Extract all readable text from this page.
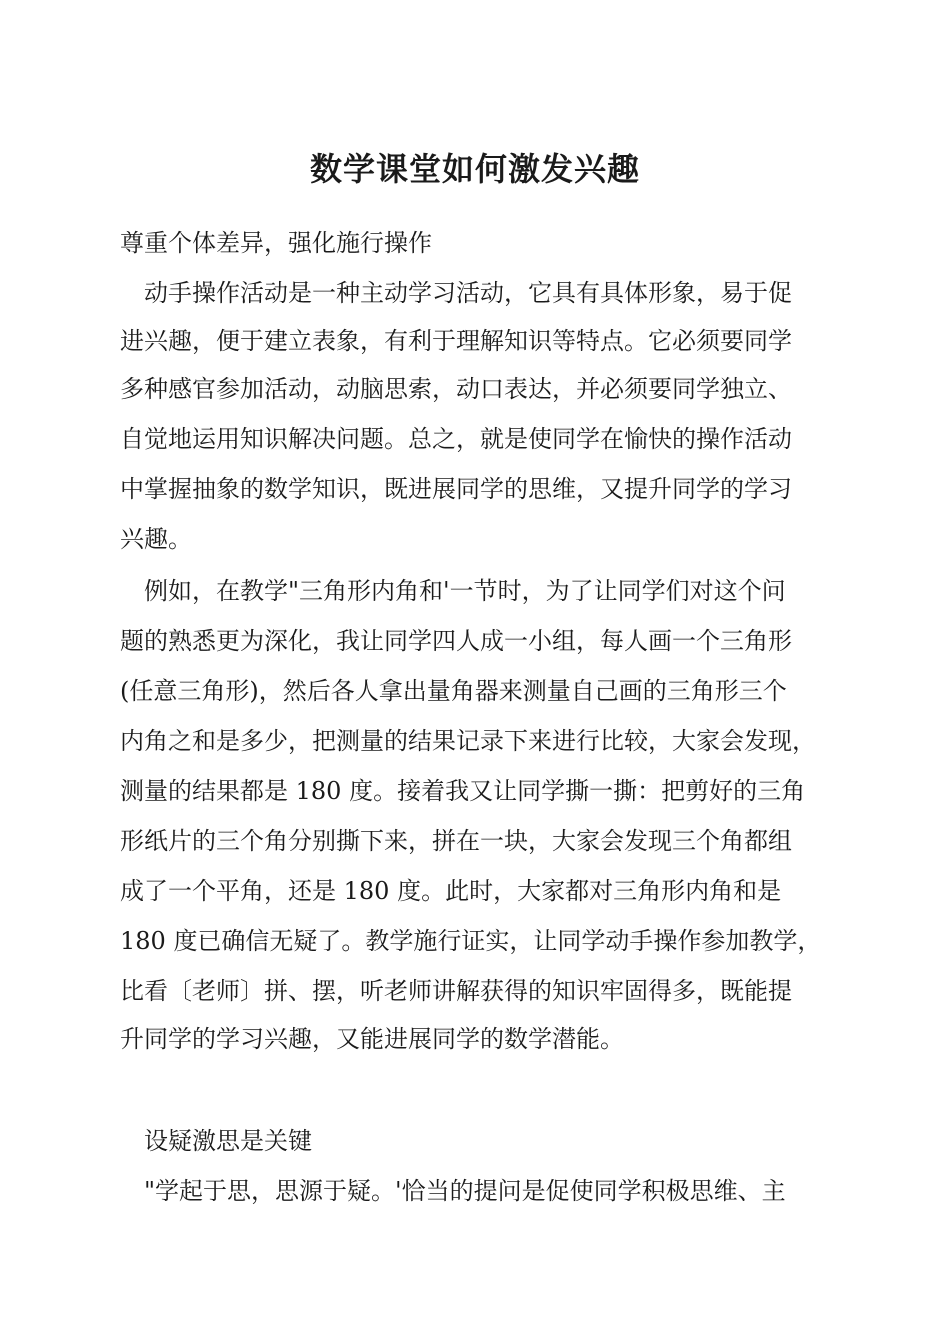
数学课堂如何激发兴趣

尊重个体差异，强化施行操作

　动手操作活动是一种主动学习活动，它具有具体形象，易于促

进兴趣，便于建立表象，有利于理解知识等特点。它必须要同学

多种感官参加活动，动脑思索，动口表达，并必须要同学独立、

自觉地运用知识解决问题。总之，就是使同学在愉快的操作活动

中掌握抽象的数学知识，既进展同学的思维，又提升同学的学习

兴趣。

　例如，在教学"三角形内角和'一节时，为了让同学们对这个问

题的熟悉更为深化，我让同学四人成一小组，每人画一个三角形

(任意三角形)，然后各人拿出量角器来测量自己画的三角形三个

内角之和是多少，把测量的结果记录下来进行比较，大家会发现，

测量的结果都是 180 度。接着我又让同学撕一撕：把剪好的三角

形纸片的三个角分别撕下来，拼在一块，大家会发现三个角都组

成了一个平角，还是 180 度。此时，大家都对三角形内角和是

180 度已确信无疑了。教学施行证实，让同学动手操作参加教学，

比看〔老师〕拼、摆，听老师讲解获得的知识牢固得多，既能提

升同学的学习兴趣，又能进展同学的数学潜能。

　设疑激思是关键

　"学起于思，思源于疑。'恰当的提问是促使同学积极思维、主
